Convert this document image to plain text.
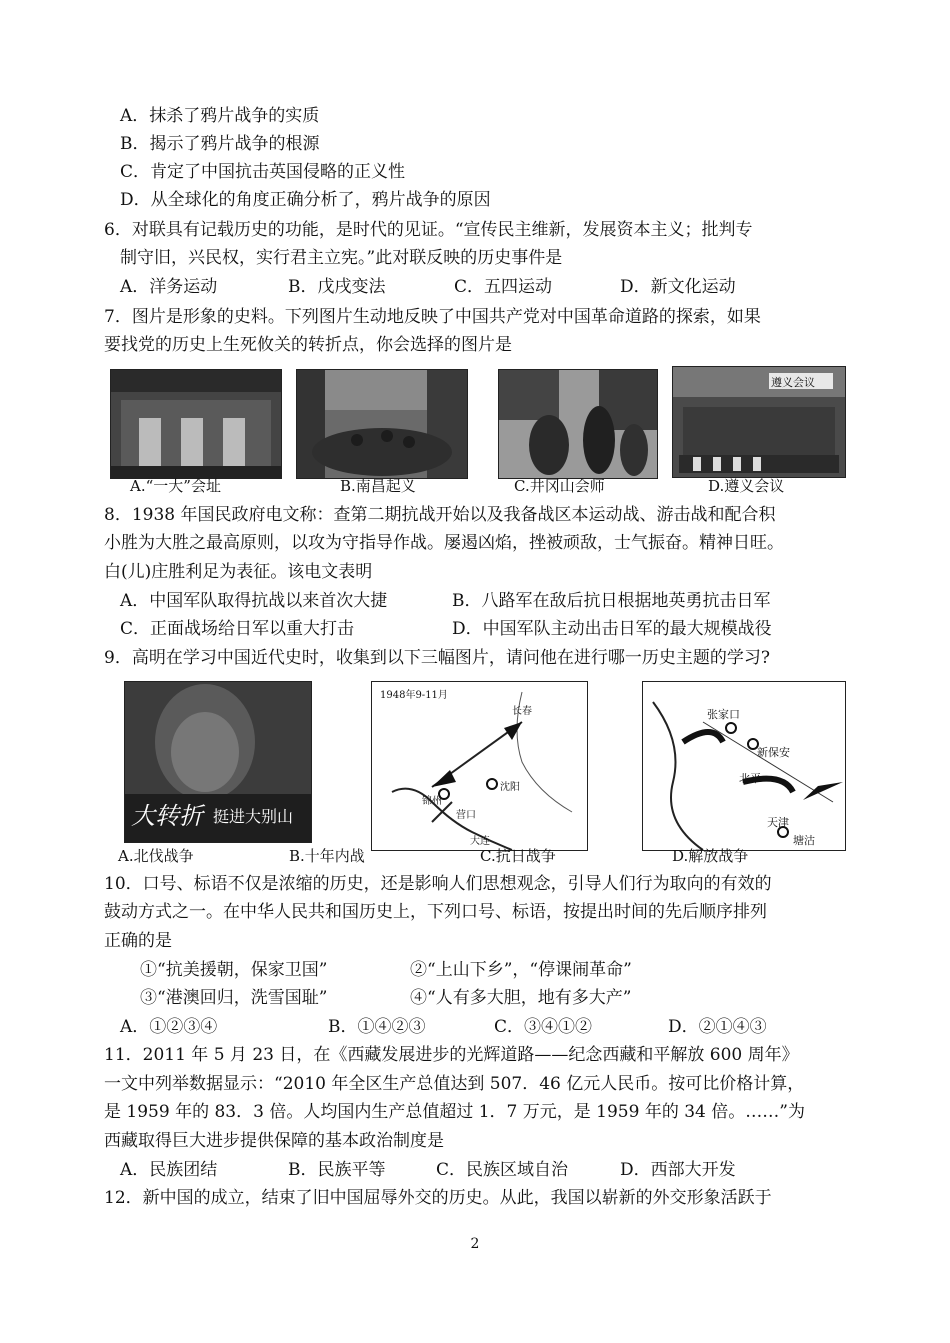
A．抹杀了鸦片战争的实质
B．揭示了鸦片战争的根源
C．肯定了中国抗击英国侵略的正义性
D．从全球化的角度正确分析了，鸦片战争的原因
6．对联具有记载历史的功能，是时代的见证。“宣传民主维新，发展资本主义；批判专
制守旧，兴民权，实行君主立宪。”此对联反映的历史事件是
A．洋务运动	B．戊戌变法	C．五四运动	D．新文化运动
7．图片是形象的史料。下列图片生动地反映了中国共产党对中国革命道路的探索，如果
要找党的历史上生死攸关的转折点，你会选择的图片是
遵义会议
A.“一大”会址	B.南昌起义	C.井冈山会师	D.遵义会议
8．1938 年国民政府电文称：查第二期抗战开始以及我备战区本运动战、游击战和配合积
小胜为大胜之最高原则，以攻为守指导作战。屡遏凶焰，挫被顽敌，士气振奋。精神日旺。
白(儿)庄胜利足为表征。该电文表明
A．中国军队取得抗战以来首次大捷	B．八路军在敌后抗日根据地英勇抗击日军
C．正面战场给日军以重大打击	D．中国军队主动出击日军的最大规模战役
9．高明在学习中国近代史时，收集到以下三幅图片，请问他在进行哪一历史主题的学习?
大转折 挺进大别山
1948年9-11月
锦州
沈阳
长春
营口
大连
张家口
新保安
北平
天津
塘沽
A.北伐战争	B.十年内战	C.抗日战争	D.解放战争
10．口号、标语不仅是浓缩的历史，还是影响人们思想观念，引导人们行为取向的有效的
鼓动方式之一。在中华人民共和国历史上，下列口号、标语，按提出时间的先后顺序排列
正确的是
①“抗美援朝，保家卫国”	②“上山下乡”，“停课闹革命”
③“港澳回归，洗雪国耻”	④“人有多大胆，地有多大产”
A．①②③④	B．①④②③	C．③④①②	D．②①④③
11．2011 年 5 月 23 日，在《西藏发展进步的光辉道路——纪念西藏和平解放 600 周年》
一文中列举数据显示：“2010 年全区生产总值达到 507．46 亿元人民币。按可比价格计算，
是 1959 年的 83．3 倍。人均国内生产总值超过 1．7 万元，是 1959 年的 34 倍。……”为
西藏取得巨大进步提供保障的基本政治制度是
A．民族团结	B．民族平等	C．民族区域自治	D．西部大开发
12．新中国的成立，结束了旧中国屈辱外交的历史。从此，我国以崭新的外交形象活跃于
2
